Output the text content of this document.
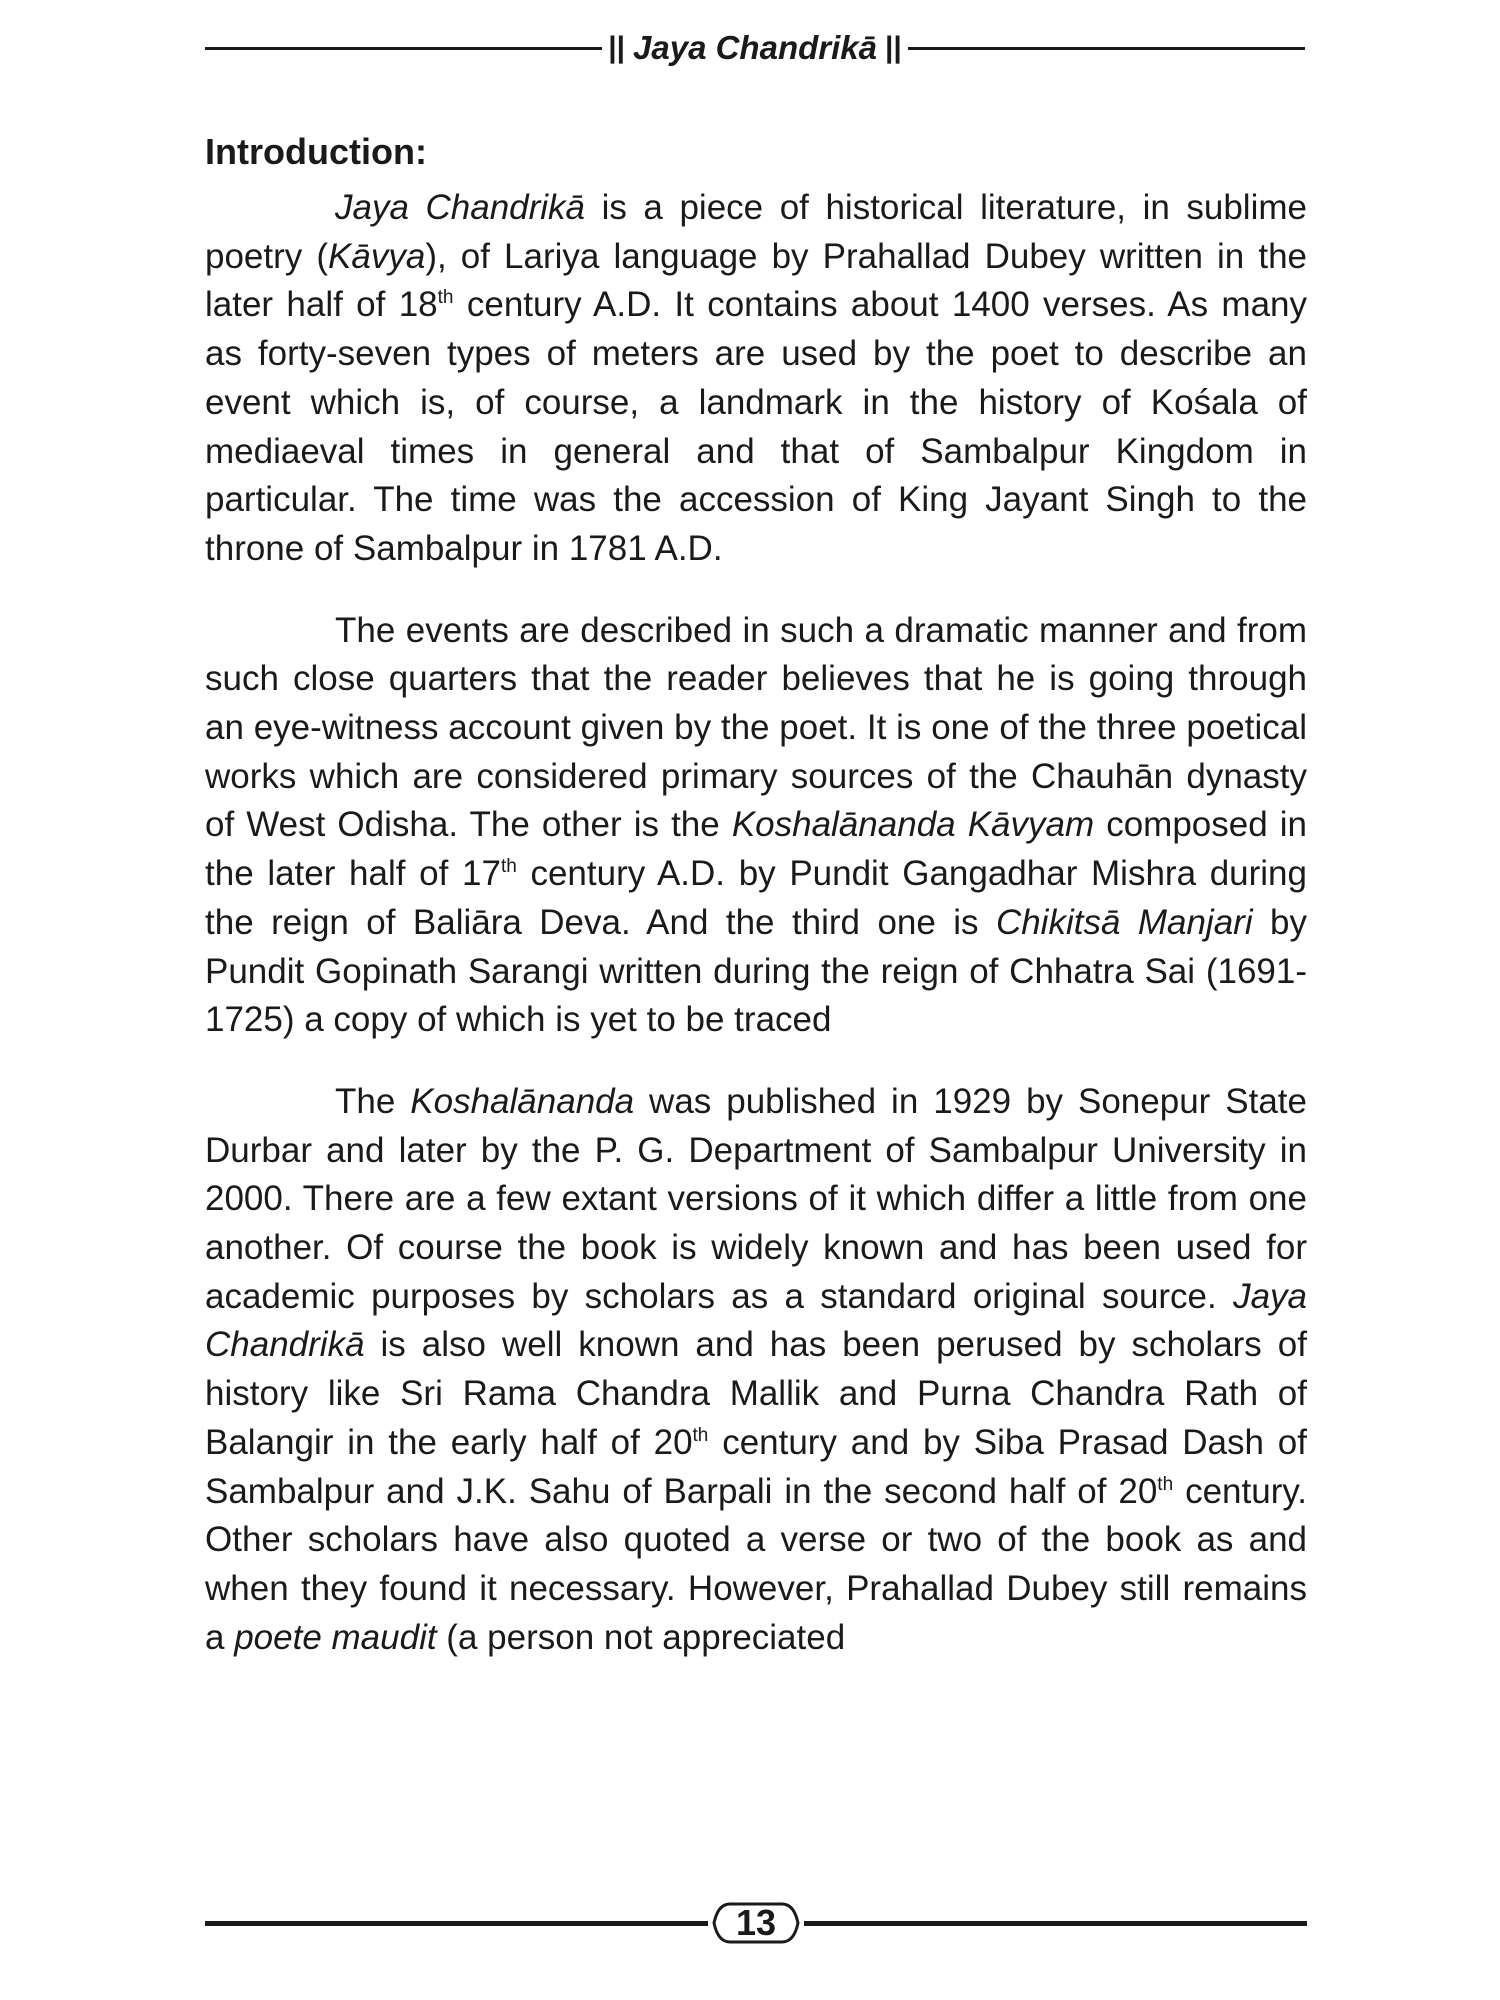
|| Jaya Chandrikā ||
Introduction:

Jaya Chandrikā is a piece of historical literature, in sublime poetry (Kāvya), of Lariya language by Prahallad Dubey written in the later half of 18th century A.D. It contains about 1400 verses. As many as forty-seven types of meters are used by the poet to describe an event which is, of course, a landmark in the history of Kośala of mediaeval times in general and that of Sambalpur Kingdom in particular. The time was the accession of King Jayant Singh to the throne of Sambalpur in 1781 A.D.

The events are described in such a dramatic manner and from such close quarters that the reader believes that he is going through an eye-witness account given by the poet. It is one of the three poetical works which are considered primary sources of the Chauhān dynasty of West Odisha. The other is the Koshalānanda Kāvyam composed in the later half of 17th century A.D. by Pundit Gangadhar Mishra during the reign of Baliāra Deva. And the third one is Chikitsā Manjari by Pundit Gopinath Sarangi written during the reign of Chhatra Sai (1691-1725) a copy of which is yet to be traced

The Koshalānanda was published in 1929 by Sonepur State Durbar and later by the P. G. Department of Sambalpur University in 2000. There are a few extant versions of it which differ a little from one another. Of course the book is widely known and has been used for academic purposes by scholars as a standard original source. Jaya Chandrikā is also well known and has been perused by scholars of history like Sri Rama Chandra Mallik and Purna Chandra Rath of Balangir in the early half of 20th century and by Siba Prasad Dash of Sambalpur and J.K. Sahu of Barpali in the second half of 20th century. Other scholars have also quoted a verse or two of the book as and when they found it necessary. However, Prahallad Dubey still remains a poete maudit (a person not appreciated

13
